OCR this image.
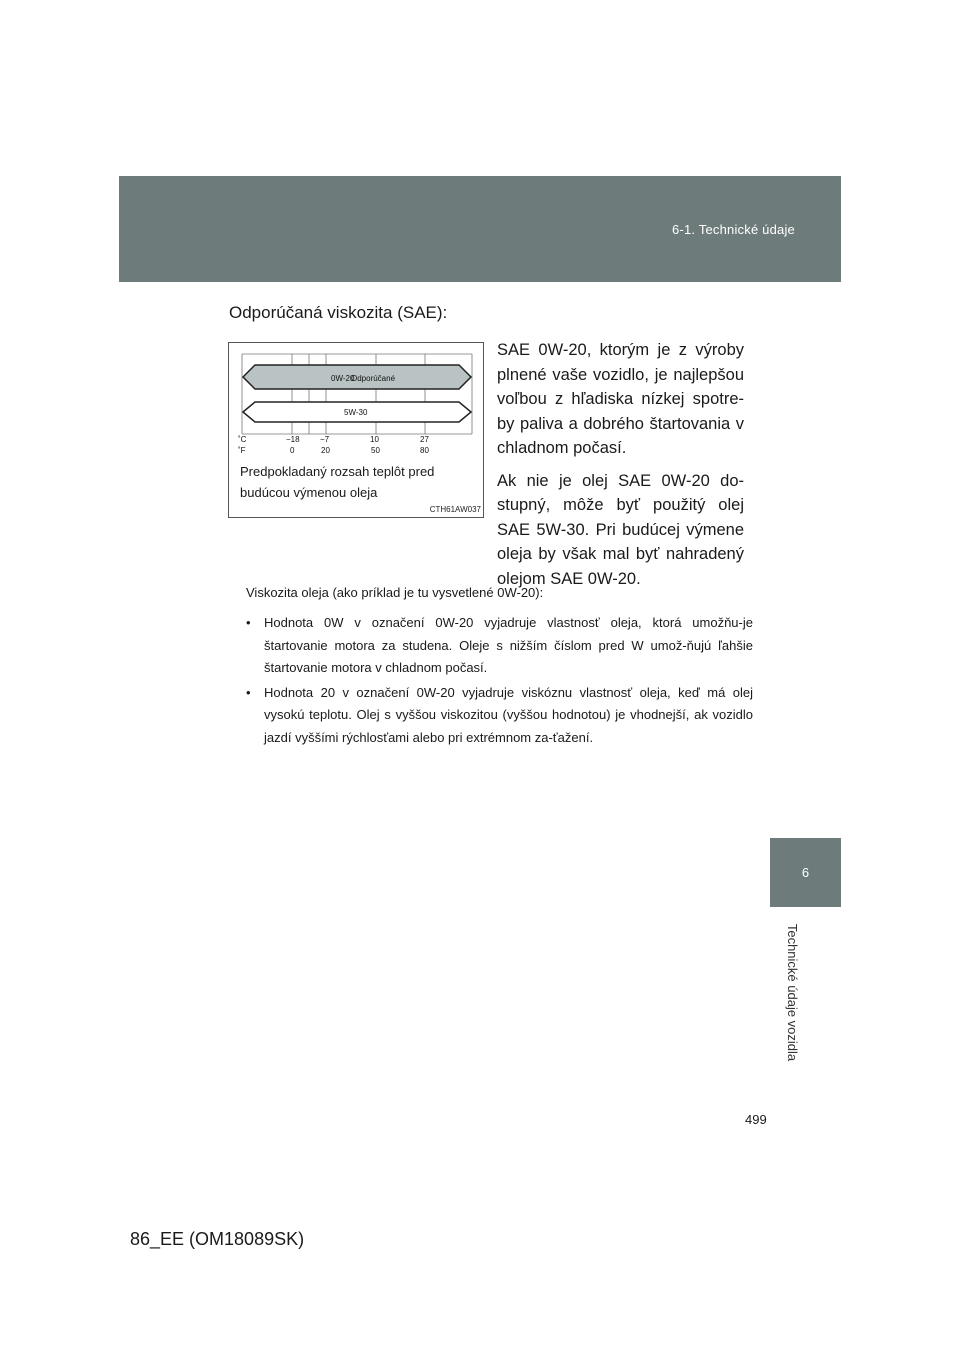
6-1. Technické údaje
6
Technické údaje vozidla
Odporúčaná viskozita (SAE):
0W-20
Odporúčané
5W-30
˚C
˚F
−18	−7	10	27
0	20	50	80
Predpokladaný rozsah teplôt pred budúcou výmenou oleja
CTH61AW037

SAE 0W-20, ktorým je z výroby plnené vaše vozidlo, je najlepšou voľbou z hľadiska nízkej spotre-by paliva a dobrého štartovania v chladnom počasí.

Ak nie je olej SAE 0W-20 do-stupný, môže byť použitý olej SAE 5W-30. Pri budúcej výmene oleja by však mal byť nahradený olejom SAE 0W-20.

Viskozita oleja (ako príklad je tu vysvetlené 0W-20):
• Hodnota 0W v označení 0W-20 vyjadruje vlastnosť oleja, ktorá umožňu-je štartovanie motora za studena. Oleje s nižším číslom pred W umož-ňujú ľahšie štartovanie motora v chladnom počasí.
• Hodnota 20 v označení 0W-20 vyjadruje viskóznu vlastnosť oleja, keď má olej vysokú teplotu. Olej s vyššou viskozitou (vyššou hodnotou) je vhodnejší, ak vozidlo jazdí vyššími rýchlosťami alebo pri extrémnom za-ťažení.
499
86_EE (OM18089SK)
